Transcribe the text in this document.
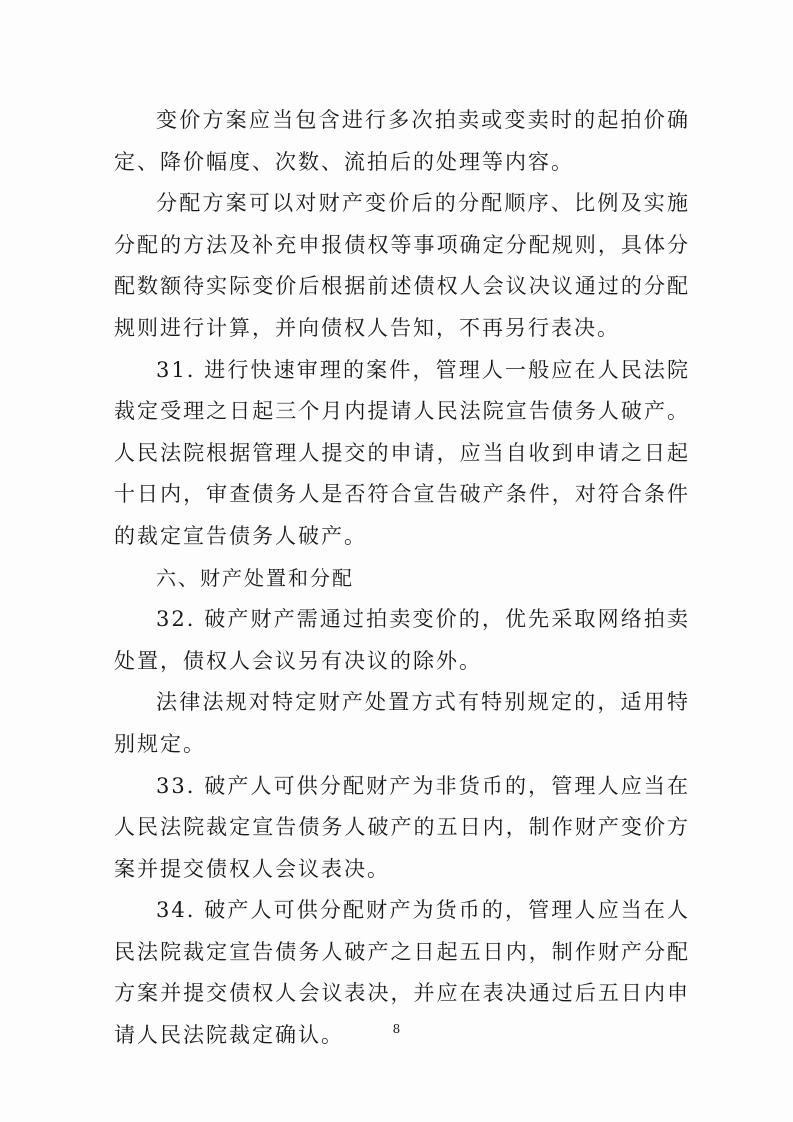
变价方案应当包含进行多次拍卖或变卖时的起拍价确定、降价幅度、次数、流拍后的处理等内容。

分配方案可以对财产变价后的分配顺序、比例及实施分配的方法及补充申报债权等事项确定分配规则，具体分配数额待实际变价后根据前述债权人会议决议通过的分配规则进行计算，并向债权人告知，不再另行表决。

31. 进行快速审理的案件，管理人一般应在人民法院裁定受理之日起三个月内提请人民法院宣告债务人破产。人民法院根据管理人提交的申请，应当自收到申请之日起十日内，审查债务人是否符合宣告破产条件，对符合条件的裁定宣告债务人破产。

六、财产处置和分配

32. 破产财产需通过拍卖变价的，优先采取网络拍卖处置，债权人会议另有决议的除外。

法律法规对特定财产处置方式有特别规定的，适用特别规定。

33. 破产人可供分配财产为非货币的，管理人应当在人民法院裁定宣告债务人破产的五日内，制作财产变价方案并提交债权人会议表决。

34. 破产人可供分配财产为货币的，管理人应当在人民法院裁定宣告债务人破产之日起五日内，制作财产分配方案并提交债权人会议表决，并应在表决通过后五日内申请人民法院裁定确认。	8
